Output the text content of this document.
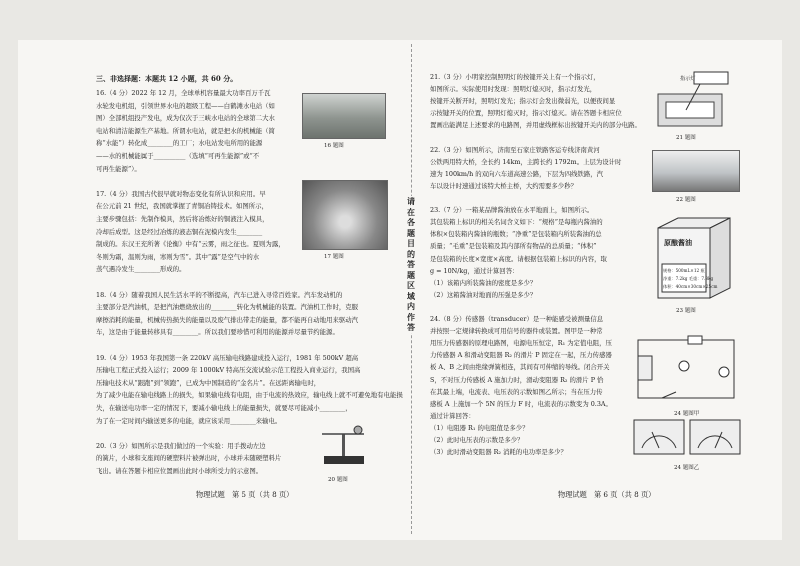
三、非选择题：本题共 12 小题，共 60 分。
16.（4 分）2022 年 12 月，全球单机容量最大功率百万千瓦
水轮发电机组，引领世界水电的超级工程——白鹤滩水电站（如
图）全部机组投产发电，成为仅次于三峡水电站的全球第二大水
电站和清洁能源生产基地。所谓水电站，就是把水的机械能（简
称“水能”）转化成________的工厂；水电站发电所用的能源
——水的机械能属于__________（选填“可再生能源”或“不
可再生能源”）。
17.（4 分）我国古代很早就对物态变化有所认识和应用。早
在公元前 21 世纪，我国就掌握了青铜冶铸技术。如图所示，
主要步骤包括：先制作模具，然后将冶炼好的铜液注入模具，
冷却后成型。这是经过冶炼的液态铜在泥模内发生________
制成的。东汉王充所著《论衡》中有“云雾，雨之征也。夏则为露，
冬则为霜，温则为雨，寒则为雪”。其中“露”是空气中的水
蒸气遇冷发生________形成的。
18.（4 分）随着我国人民生活水平的不断提高，汽车已进入寻常百姓家。汽车发动机的
主要部分是汽油机，是把汽油燃烧放出的________转化为机械能的装置。汽油机工作时，克服
摩擦消耗的能量，机械传热损失的能量以及废气排出带走的能量，都不能再自动地用来驱动汽
车，这是由于能量转移具有________。所以我们要珍惜可利用的能源并尽量节约能源。
19.（4 分）1953 年我国第一条 220kV 高压输电线路建成投入运行，1981 年 500kV 超高
压输电工程正式投入运行；2009 年 1000kV 特高压交流试验示范工程投入商业运行，我国高
压输电技术从“跟跑”到“领跑”，已成为中国制造的“金名片”。在远距离输电时，
为了减少电能在输电线路上的损失，如果输电线有电阻，由于电流的热效应，输电线上就不可避免地有电能损
失，在输送电功率一定的情况下，要减小输电线上的能量损失，就要尽可能减小________，
为了在一定时间内输送更多的电能，就应该采用________来输电。
20.（3 分）如图所示是我们做过的一个实验：用手拨动左边
的簧片，小球和支座间的硬塑料片被弹出时，小球并未随硬塑料片
飞出。请在答题卡相应位置画出此时小球所受力的示意图。
21.（3 分）小明家控制照明灯的按键开关上有一个指示灯，
如图所示。实际使用时发现：照明灯熄灭时，指示灯发光，
按键开关断开时，照明灯发光；指示灯会发出微弱光，以便夜间显
示按键开关的位置，照明灯熄灭时，指示灯熄灭。请在答题卡相应位
置画出能满足上述要求的电路图，并用虚线框标出按键开关内的部分电路。
22.（3 分）如图所示，济南至石家庄铁路客运专线济南黄河
公铁两用特大桥，全长约 14km，主跨长约 1792m。上层为设计时
速为 100km/h 的双向六车道高速公路，下层为四线铁路，汽
车以设计时速通过该特大桥主桥，大约需要多少秒？
23.（7 分）一箱某品牌酱油放在水平地面上，如图所示。
其包装箱上标识的相关名词含义如下：“规格”是每瓶内酱油的
体积×包装箱内酱油的瓶数；“净重”是包装箱内所装酱油的总
质量；“毛重”是包装箱及其内部所有物品的总质量；“体积”
是包装箱的长度×宽度×高度。请根据包装箱上标识的内容，取
g = 10N/kg，通过计算回答：
（1）该箱内所装酱油的密度是多少？
（2）这箱酱油对地面的压强是多少？
24.（8 分）传感器（transducer）是一种能感受被测量信息
并按照一定规律转换成可用信号的器件或装置。图甲是一种常
用压力传感器的原理电路图，电源电压恒定，R₁ 为定值电阻，压
力传感器 A 和滑动变阻器 R₂ 的滑片 P 固定在一起，压力传感器
板 A、B 之间由绝缘弹簧相连，其间有可伸缩的导线。闭合开关
S，不对压力传感板 A 施加力时，滑动变阻器 R₂ 的滑片 P 恰
在其最上端，电流表、电压表的示数如图乙所示；当在压力传
感板 A 上施加一个 5N 的压力 F 时，电流表的示数变为 0.3A。
通过计算回答：
（1）电阻器 R₁ 的电阻值是多少？
（2）此时电压表的示数是多少？
（3）此时滑动变阻器 R₂ 消耗的电功率是多少？
请
在
各
题
目
的
答
题
区
域
内
作
答
16 题图
17 题图
20 题图
指示灯
21 题图
22 题图
原酿酱油
规格：500mL×12 瓶
净重：7.2kg 毛重：7.8kg
体积：40cm×30cm×25cm
23 题图
24 题图甲
24 题图乙
物理试题　第 5 页（共 8 页）	物理试题　第 6 页（共 8 页）
